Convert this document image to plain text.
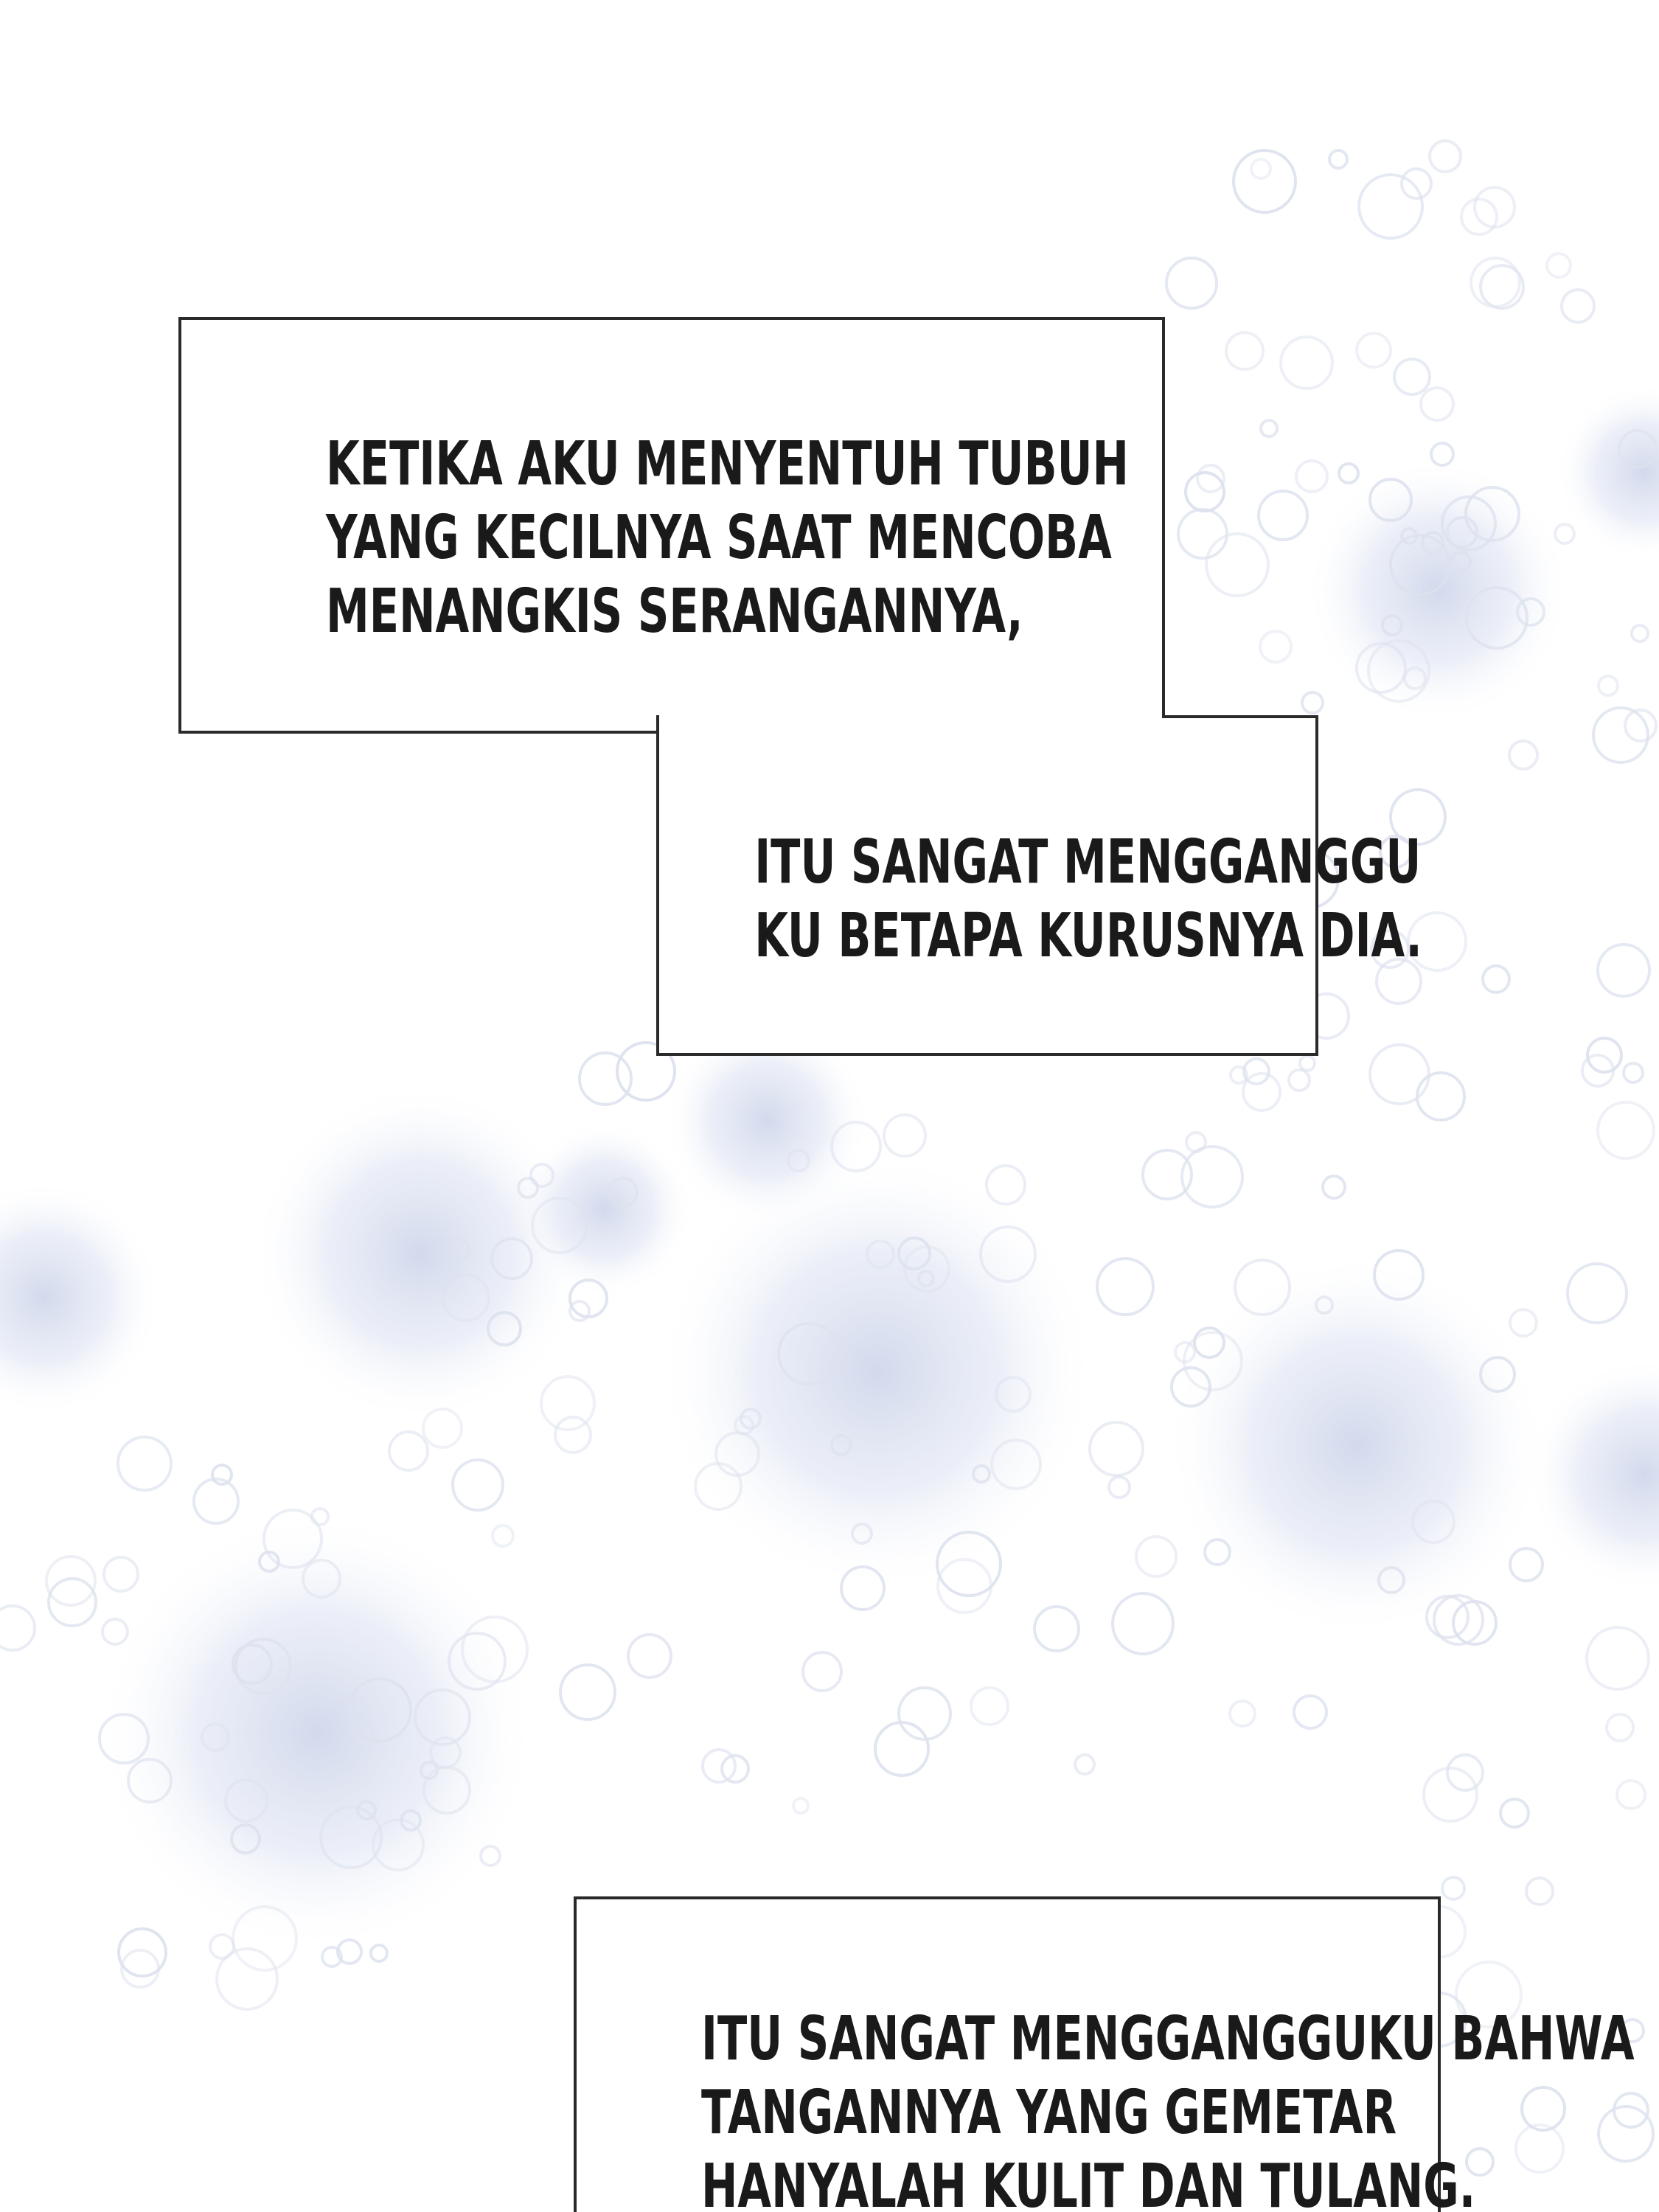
KETIKA AKU MENYENTUH TUBUH
YANG KECILNYA SAAT MENCOBA
MENANGKIS SERANGANNYA,

ITU SANGAT MENGGANGGU
KU BETAPA KURUSNYA DIA.

ITU SANGAT MENGGANGGUKU BAHWA
TANGANNYA YANG GEMETAR
HANYALAH KULIT DAN TULANG.
